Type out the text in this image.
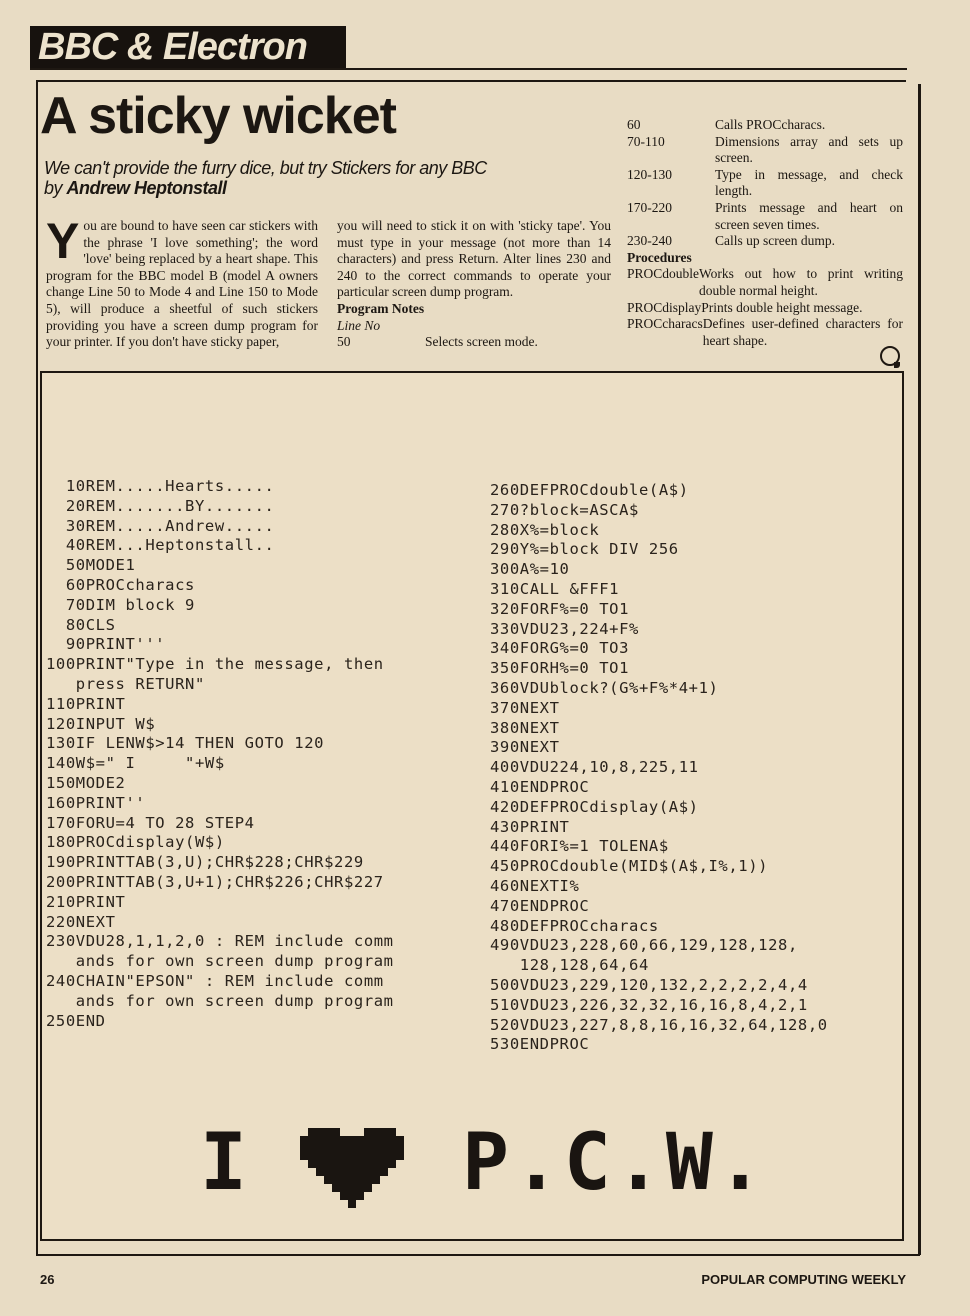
BBC & Electron
A sticky wicket
We can't provide the furry dice, but try Stickers for any BBC
by Andrew Heptonstall
You are bound to have seen car stickers with the phrase 'I love something'; the word 'love' being replaced by a heart shape. This program for the BBC model B (model A owners change Line 50 to Mode 4 and Line 150 to Mode 5), will produce a sheetful of such stickers providing you have a screen dump program for your printer. If you don't have sticky paper,
you will need to stick it on with 'sticky tape'. You must type in your message (not more than 14 characters) and press Return. Alter lines 230 and 240 to the correct commands to operate your particular screen dump program.
Program Notes
Line No
50	Selects screen mode.
60	Calls PROCcharacs.
70-110	Dimensions array and sets up screen.
120-130	Type in message, and check length.
170-220	Prints message and heart on screen seven times.
230-240	Calls up screen dump.
Procedures
PROCdouble Works out how to print writing double normal height.
PROCdisplay Prints double height message.
PROCcharacs Defines user-defined characters for heart shape.
10REM.....Hearts.....
20REM.......BY.......
30REM.....Andrew.....
40REM...Heptonstall..
50MODE1
60PROCcharacs
70DIM block 9
80CLS
90PRINT'''
100PRINT"Type in the message, then
press RETURN"
110PRINT
120INPUT W$
130IF LENW$>14 THEN GOTO 120
140W$=" I     "+W$
150MODE2
160PRINT''
170FORU=4 TO 28 STEP4
180PROCdisplay(W$)
190PRINTTAB(3,U);CHR$228;CHR$229
200PRINTTAB(3,U+1);CHR$226;CHR$227
210PRINT
220NEXT
230VDU28,1,1,2,0 : REM include comm
ands for own screen dump program
240CHAIN"EPSON" : REM include comm
ands for own screen dump program
250END
260DEFPROCdouble(A$)
270?block=ASCA$
280X%=block
290Y%=block DIV 256
300A%=10
310CALL &FFF1
320FORF%=0 TO1
330VDU23,224+F%
340FORG%=0 TO3
350FORH%=0 TO1
360VDUblock?(G%+F%*4+1)
370NEXT
380NEXT
390NEXT
400VDU224,10,8,225,11
410ENDPROC
420DEFPROCdisplay(A$)
430PRINT
440FORI%=1 TOLENA$
450PROCdouble(MID$(A$,I%,1))
460NEXTI%
470ENDPROC
480DEFPROCcharacs
490VDU23,228,60,66,129,128,128,
128,128,64,64
500VDU23,229,120,132,2,2,2,2,4,4
510VDU23,226,32,32,16,16,8,4,2,1
520VDU23,227,8,8,16,16,32,64,128,0
530ENDPROC
I	P.C.W.
26	POPULAR COMPUTING WEEKLY
